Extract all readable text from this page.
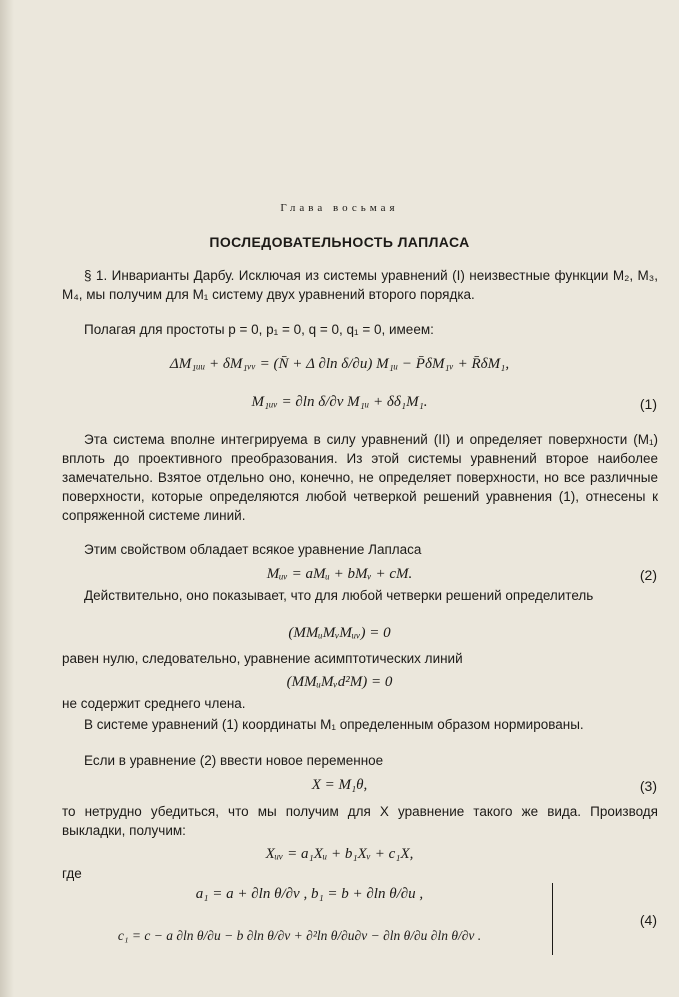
Глава восьмая
ПОСЛЕДОВАТЕЛЬНОСТЬ ЛАПЛАСА
§ 1. Инварианты Дарбу. Исключая из системы уравнений (I) неизвестные функции M₂, M₃, M₄, мы получим для M₁ систему двух уравнений второго порядка.
Полагая для простоты p = 0, p₁ = 0, q = 0, q₁ = 0, имеем:
ΔM₁ᵤᵤ + δM₁ᵥᵥ = (N̄ + Δ ∂ln δ/∂u) M₁ᵤ − P̄δM₁ᵥ + R̄δM₁,
M₁ᵤᵥ = ∂ln δ/∂v M₁ᵤ + δδ₁M₁.	(1)
Эта система вполне интегрируема в силу уравнений (II) и определяет поверхности (M₁) вплоть до проективного преобразования. Из этой системы уравнений второе наиболее замечательно. Взятое отдельно оно, конечно, не определяет поверхности, но все различные поверхности, которые определяются любой четверкой решений уравнения (1), отнесены к сопряженной системе линий.
Этим свойством обладает всякое уравнение Лапласа
Mᵤᵥ = aMᵤ + bMᵥ + cM.	(2)
Действительно, оно показывает, что для любой четверки решений определитель
(MMᵤMᵥMᵤᵥ) = 0
равен нулю, следовательно, уравнение асимптотических линий
(MMᵤMᵥd²M) = 0
не содержит среднего члена.
В системе уравнений (1) координаты M₁ определенным образом нормированы.
Если в уравнение (2) ввести новое переменное
X = M₁θ,	(3)
то нетрудно убедиться, что мы получим для X уравнение такого же вида. Производя выкладки, получим:
Xᵤᵥ = a₁Xᵤ + b₁Xᵥ + c₁X,
где
a₁ = a + ∂ln θ/∂v , b₁ = b + ∂ln θ/∂u ,
c₁ = c − a ∂ln θ/∂u − b ∂ln θ/∂v + ∂²ln θ/∂u∂v − ∂ln θ/∂u ∂ln θ/∂v .
(4)
